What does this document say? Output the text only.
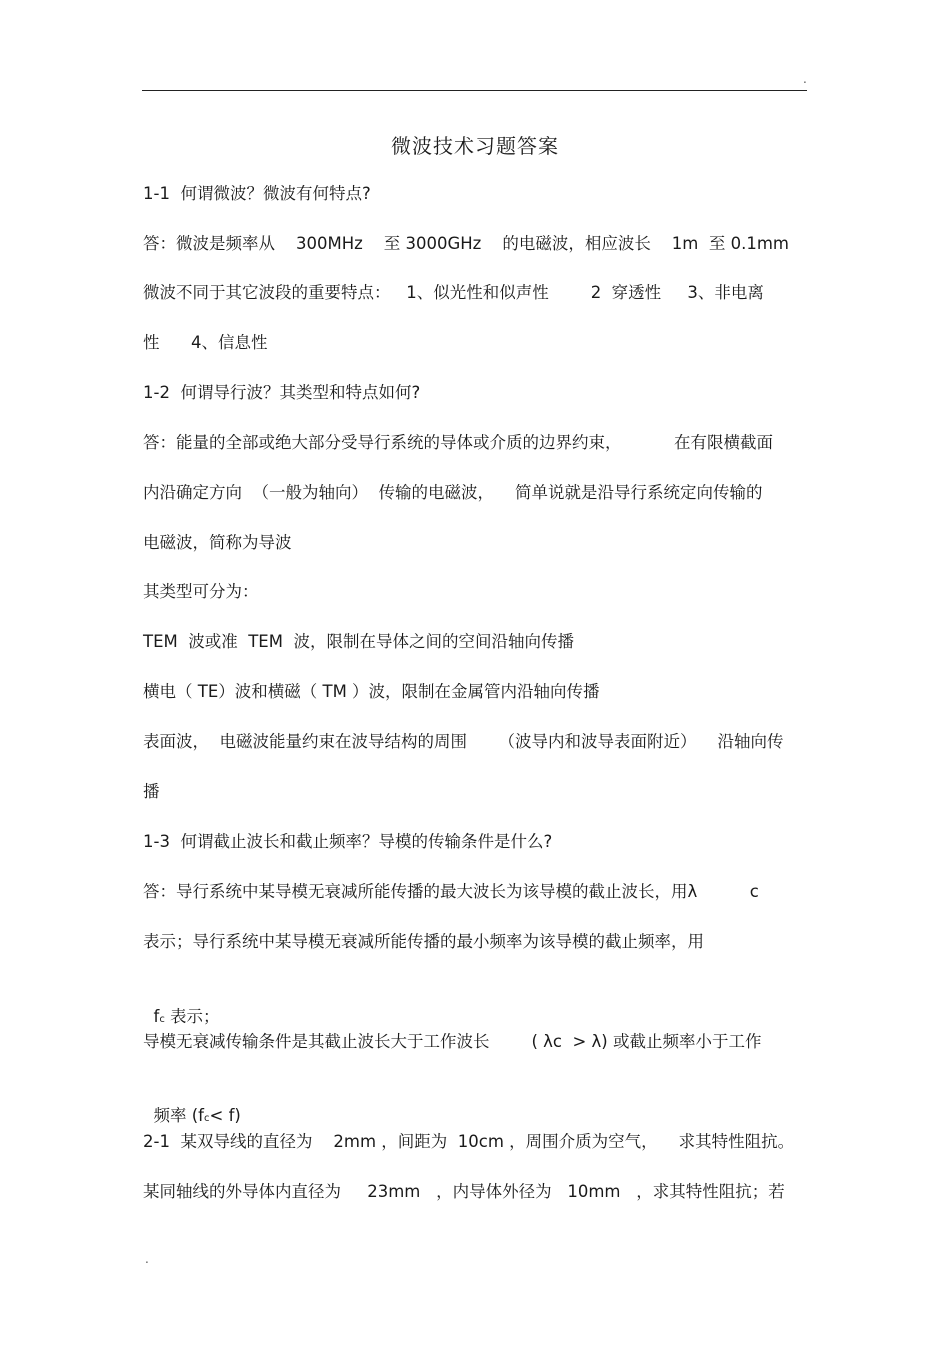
.
微波技术习题答案
1-1  何谓微波？微波有何特点?
答：微波是频率从    300MHz    至 3000GHz    的电磁波，相应波长    1m  至 0.1mm
微波不同于其它波段的重要特点：   1、似光性和似声性        2  穿透性     3、非电离
性      4、信息性
1-2  何谓导行波？其类型和特点如何?
答：能量的全部或绝大部分受导行系统的导体或介质的边界约束，          在有限横截面
内沿确定方向  （一般为轴向）  传输的电磁波，    简单说就是沿导行系统定向传输的
电磁波，简称为导波
其类型可分为：
TEM  波或准  TEM  波，限制在导体之间的空间沿轴向传播
横电（ TE）波和横磁（ TM ）波，限制在金属管内沿轴向传播
表面波，  电磁波能量约束在波导结构的周围      （波导内和波导表面附近）    沿轴向传
播
1-3  何谓截止波长和截止频率？导模的传输条件是什么?
答：导行系统中某导模无衰减所能传播的最大波长为该导模的截止波长，用λ          c
表示；导行系统中某导模无衰减所能传播的最小频率为该导模的截止频率，用

fc 表示；

导模无衰减传输条件是其截止波长大于工作波长        ( λc  > λ) 或截止频率小于工作

频率 (fc< f)

2-1  某双导线的直径为    2mm ，间距为  10cm ，周围介质为空气，    求其特性阻抗。
某同轴线的外导体内直径为     23mm   ，内导体外径为   10mm   ，求其特性阻抗；若
.
